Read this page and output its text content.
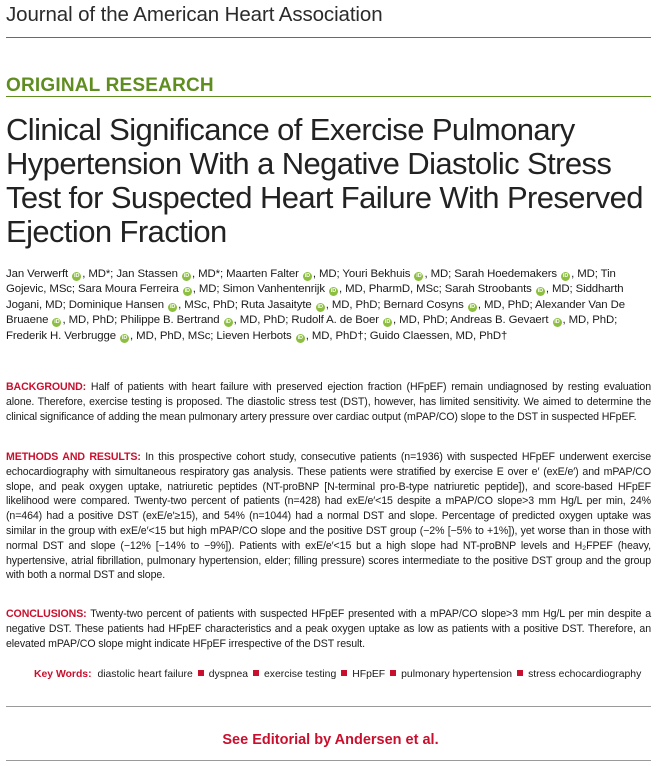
Journal of the American Heart Association
ORIGINAL RESEARCH
Clinical Significance of Exercise Pulmonary Hypertension With a Negative Diastolic Stress Test for Suspected Heart Failure With Preserved Ejection Fraction
Jan Verwerft iD , MD*; Jan Stassen iD , MD*; Maarten Falter iD , MD; Youri Bekhuis iD , MD; Sarah Hoedemakers iD , MD; Tin Gojevic, MSc; Sara Moura Ferreira iD , MD; Simon Vanhentenrijk iD , MD, PharmD, MSc; Sarah Stroobants iD , MD; Siddharth Jogani, MD; Dominique Hansen iD , MSc, PhD; Ruta Jasaityte iD , MD, PhD; Bernard Cosyns iD , MD, PhD; Alexander Van De Bruaene iD , MD, PhD; Philippe B. Bertrand iD , MD, PhD; Rudolf A. de Boer iD , MD, PhD; Andreas B. Gevaert iD , MD, PhD; Frederik H. Verbrugge iD , MD, PhD, MSc; Lieven Herbots iD , MD, PhD†; Guido Claessen, MD, PhD†
BACKGROUND: Half of patients with heart failure with preserved ejection fraction (HFpEF) remain undiagnosed by resting evaluation alone. Therefore, exercise testing is proposed. The diastolic stress test (DST), however, has limited sensitivity. We aimed to determine the clinical significance of adding the mean pulmonary artery pressure over cardiac output (mPAP/CO) slope to the DST in suspected HFpEF.
METHODS AND RESULTS: In this prospective cohort study, consecutive patients (n=1936) with suspected HFpEF underwent exercise echocardiography with simultaneous respiratory gas analysis. These patients were stratified by exercise E over e′ (exE/e′) and mPAP/CO slope, and peak oxygen uptake, natriuretic peptides (NT-proBNP [N-terminal pro-B-type natriuretic peptide]), and score-based HFpEF likelihood were compared. Twenty-two percent of patients (n=428) had exE/e′<15 despite a mPAP/CO slope>3 mm Hg/L per min, 24% (n=464) had a positive DST (exE/e′≥15), and 54% (n=1044) had a normal DST and slope. Percentage of predicted oxygen uptake was similar in the group with exE/e′<15 but high mPAP/CO slope and the positive DST group (−2% [−5% to +1%]), yet worse than in those with normal DST and slope (−12% [−14% to −9%]). Patients with exE/e′<15 but a high slope had NT-proBNP levels and H₂FPEF (heavy, hypertensive, atrial fibrillation, pulmonary hypertension, elder; filling pressure) scores intermediate to the positive DST group and the group with both a normal DST and slope.
CONCLUSIONS: Twenty-two percent of patients with suspected HFpEF presented with a mPAP/CO slope>3 mm Hg/L per min despite a negative DST. These patients had HFpEF characteristics and a peak oxygen uptake as low as patients with a positive DST. Therefore, an elevated mPAP/CO slope might indicate HFpEF irrespective of the DST result.
Key Words: diastolic heart failure dyspnea exercise testing HFpEF pulmonary hypertension stress echocardiography
See Editorial by Andersen et al.
